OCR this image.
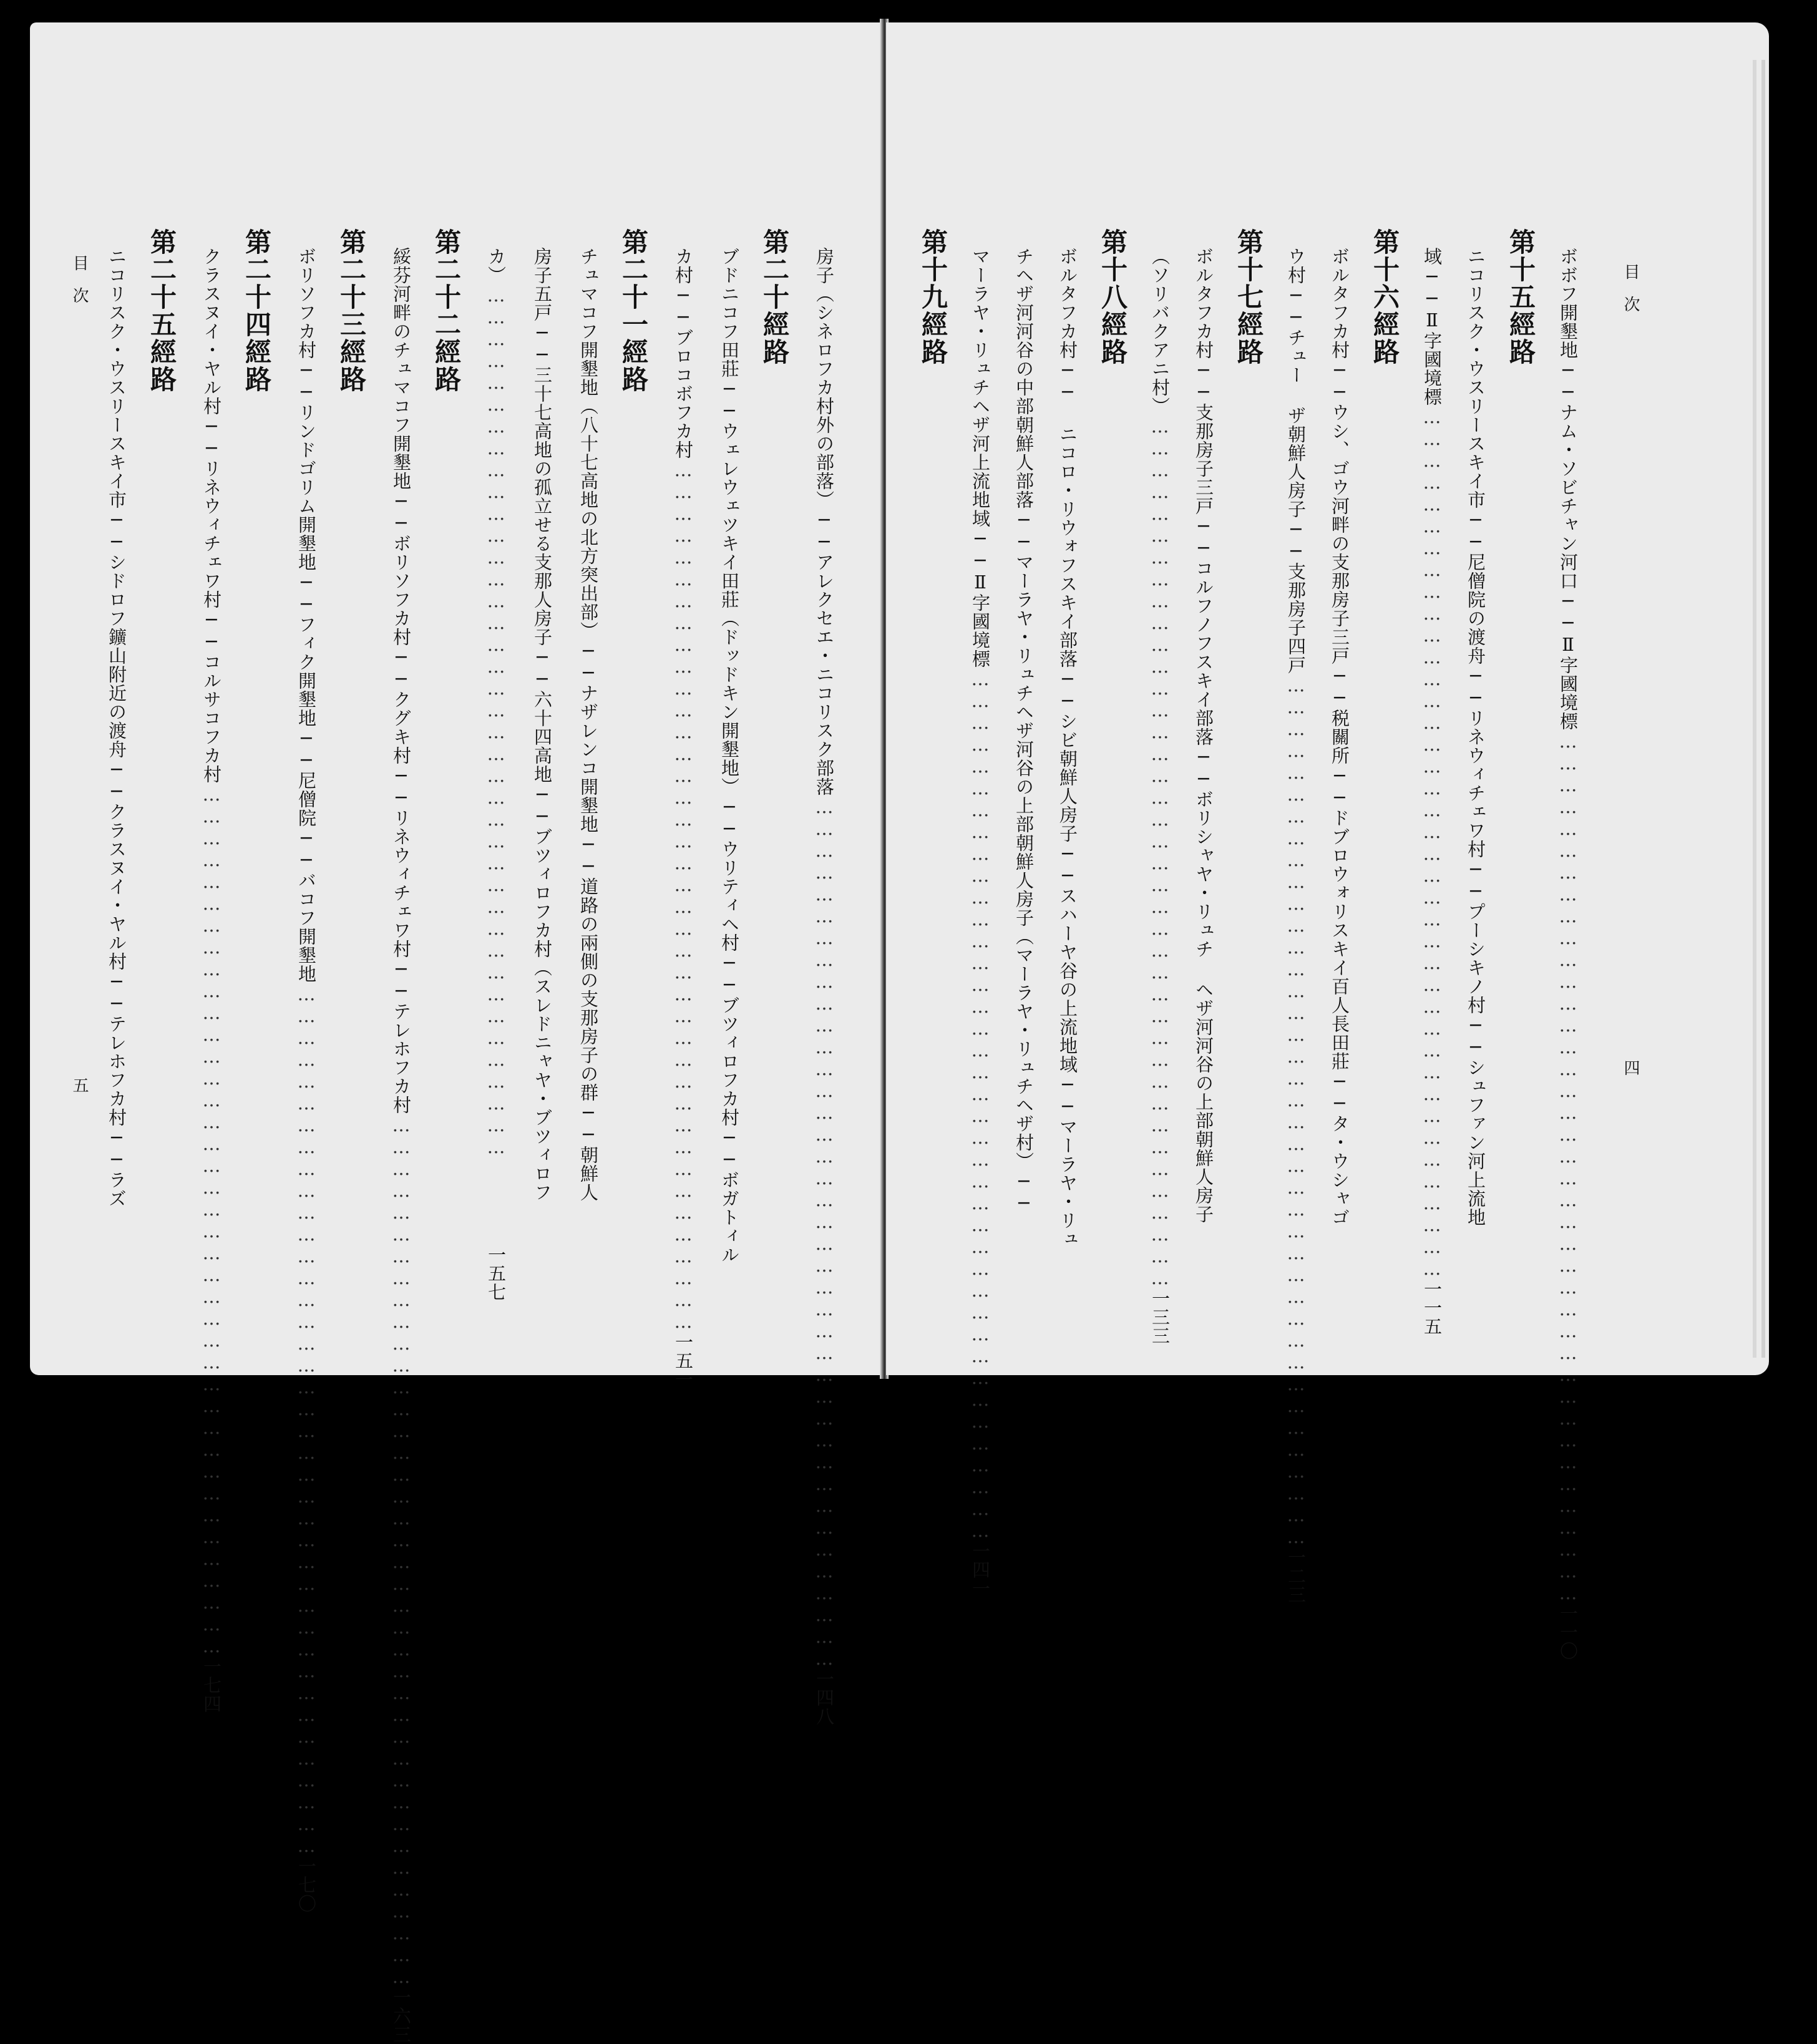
目　次
五
房子（シネロフカ村外の部落）──アレクセエ・ニコリスク部落
…………………………………………………………………………………………………………
一四八
第二十經路
ブドニコフ田莊──ウェレウェツキイ田莊（ドッドキン開墾地）──ウリティヘ村──ブツィロフカ村──ボガトィル
カ村──ブロコボフカ村
…………………………………………………………………………………………………………
一五一
第二十一經路
チュマコフ開墾地（八十七高地の北方突出部）──ナザレンコ開墾地──道路の兩側の支那房子の群──朝鮮人
房子五戸──三十七高地の孤立せる支那人房子──六十四高地──ブツィロフカ村（スレドニャヤ・ブツィロフ
カ）
…………………………………………………………………………………………………………
一五七
第二十二經路
綏芬河畔のチュマコフ開墾地──ボリソフカ村──クグキ村──リネウィチェワ村──テレホフカ村
…………………………………………………………………………………………………………
一六三
第二十三經路
ボリソフカ村──リンドゴリム開墾地──フィク開墾地──尼僧院──バコフ開墾地
…………………………………………………………………………………………………………
一七〇
第二十四經路
クラスヌイ・ヤル村──リネウィチェワ村──コルサコフカ村
…………………………………………………………………………………………………………
一七四
第二十五經路
ニコリスク・ウスリースキイ市──シドロフ鑛山附近の渡舟──クラスヌイ・ヤル村──テレホフカ村──ラズ	目　次
四
ボボフ開墾地──ナム・ソビチャン河口──Ⅱ字國境標
…………………………………………………………………………………………………………
一一〇
第十五經路
ニコリスク・ウスリースキイ市──尼僧院の渡舟──リネウィチェワ村──プーシキノ村──シュファン河上流地
域──Ⅱ字國境標
…………………………………………………………………………………………………………
一一五
第十六經路
ボルタフカ村──ウシ、ゴウ河畔の支那房子三戸──税關所──ドブロウォリスキイ百人長田莊──タ・ウシャゴ
ウ村──チュー ザ朝鮮人房子──支那房子四戸
…………………………………………………………………………………………………………
一二三
第十七經路
ボルタフカ村──支那房子三戸──コルフノフスキイ部落──ボリシャヤ・リュチ ヘザ河河谷の上部朝鮮人房子
（ソリバクアニ村）
…………………………………………………………………………………………………………
一三三
第十八經路
ボルタフカ村── ニコロ・リウォフスキイ部落──シビ朝鮮人房子──スハーヤ谷の上流地域──マーラヤ・リュ
チヘザ河河谷の中部朝鮮人部落──マーラヤ・リュチヘザ河谷の上部朝鮮人房子（マーラヤ・リュチヘザ村）──
マーラヤ・リュチヘザ河上流地域──Ⅱ字國境標
…………………………………………………………………………………………………………
一四一
第十九經路
